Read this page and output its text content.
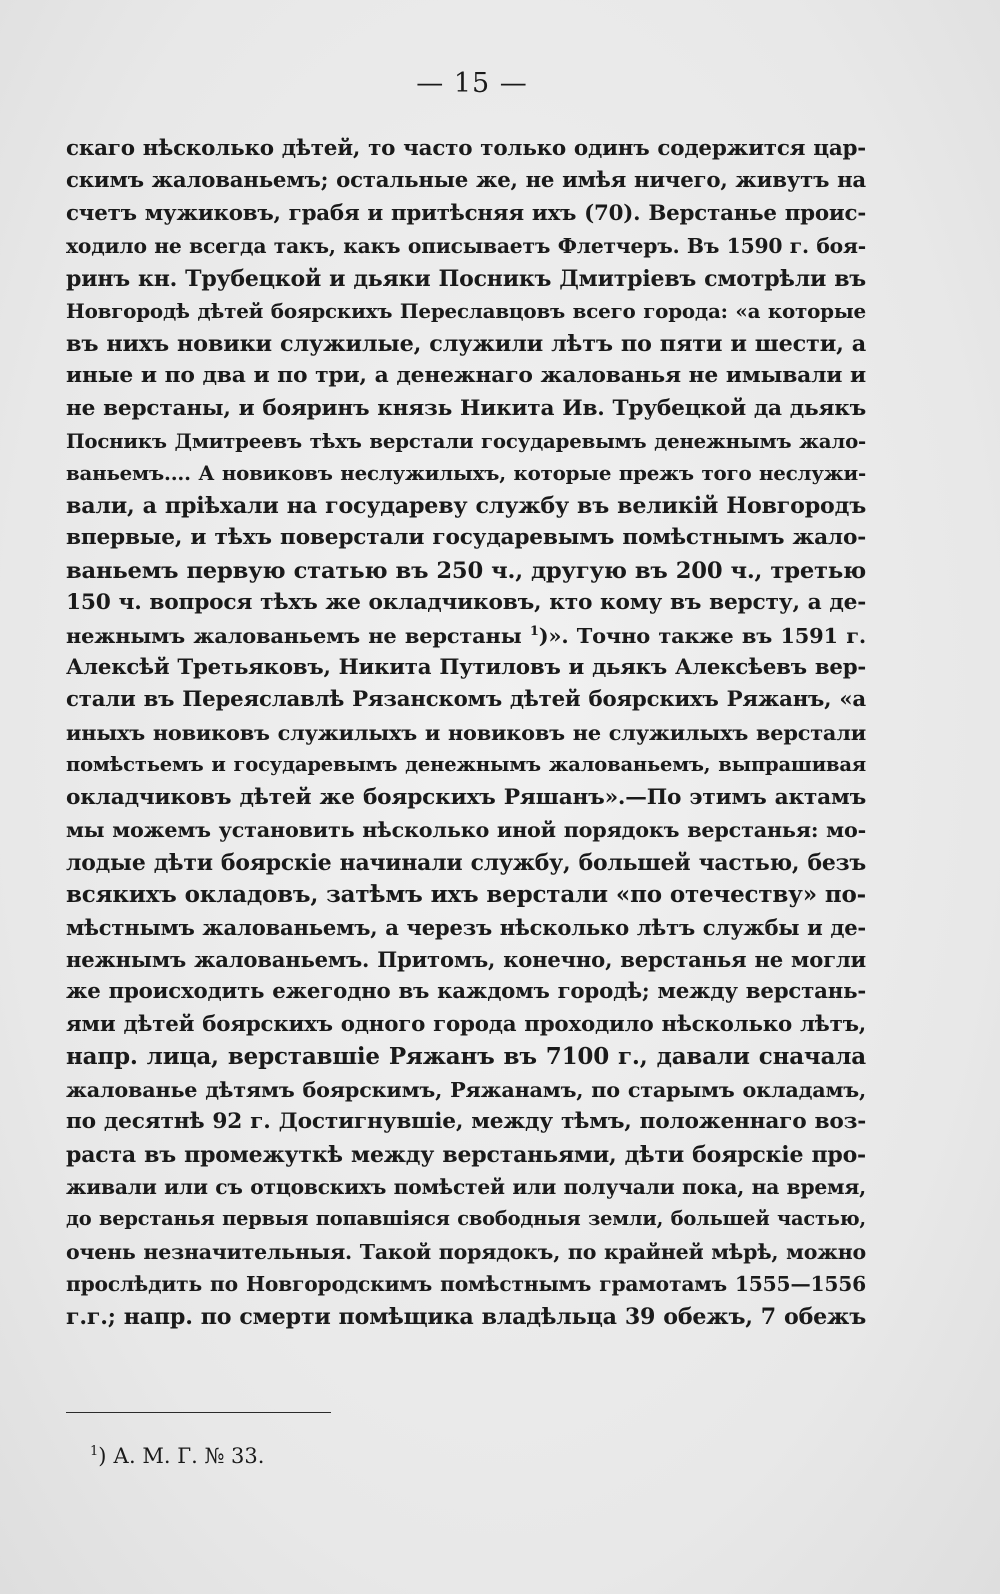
— 15 —
скаго нѣсколько дѣтей, то часто только одинъ содержится цар-
скимъ жалованьемъ; остальные же, не имѣя ничего, живутъ на
счетъ мужиковъ, грабя и притѣсняя ихъ (70). Верстанье проис-
ходило не всегда такъ, какъ описываетъ Флетчеръ. Въ 1590 г. боя-
ринъ кн. Трубецкой и дьяки Посникъ Дмитріевъ смотрѣли въ
Новгородѣ дѣтей боярскихъ Переславцовъ всего города: «а которые
въ нихъ новики служилые, служили лѣтъ по пяти и шести, а
иные и по два и по три, а денежнаго жалованья не имывали и
не верстаны, и бояринъ князь Никита Ив. Трубецкой да дьякъ
Посникъ Дмитреевъ тѣхъ верстали государевымъ денежнымъ жало-
ваньемъ.... А новиковъ неслужилыхъ, которые прежъ того неслужи-
вали, а пріѣхали на государеву службу въ великій Новгородъ
впервые, и тѣхъ поверстали государевымъ помѣстнымъ жало-
ваньемъ первую статью въ 250 ч., другую въ 200 ч., третью
150 ч. вопрося тѣхъ же окладчиковъ, кто кому въ версту, а де-
нежнымъ жалованьемъ не верстаны $^1$)». Точно также въ 1591 г.
Алексѣй Третьяковъ, Никита Путиловъ и дьякъ Алексѣевъ вер-
стали въ Переяславлѣ Рязанскомъ дѣтей боярскихъ Ряжанъ, «а
иныхъ новиковъ служилыхъ и новиковъ не служилыхъ верстали
помѣстьемъ и государевымъ денежнымъ жалованьемъ, выпрашивая
окладчиковъ дѣтей же боярскихъ Ряшанъ».—По этимъ актамъ
мы можемъ установить нѣсколько иной порядокъ верстанья: мо-
лодые дѣти боярскіе начинали службу, большей частью, безъ
всякихъ окладовъ, затѣмъ ихъ верстали «по отечеству» по-
мѣстнымъ жалованьемъ, а черезъ нѣсколько лѣтъ службы и де-
нежнымъ жалованьемъ. Притомъ, конечно, верстанья не могли
же происходить ежегодно въ каждомъ городѣ; между верстань-
ями дѣтей боярскихъ одного города проходило нѣсколько лѣтъ,
напр. лица, верставшіе Ряжанъ въ 7100 г., давали сначала
жалованье дѣтямъ боярскимъ, Ряжанамъ, по старымъ окладамъ,
по десятнѣ 92 г. Достигнувшіе, между тѣмъ, положеннаго воз-
раста въ промежуткѣ между верстаньями, дѣти боярскіе про-
живали или съ отцовскихъ помѣстей или получали пока, на время,
до верстанья первыя попавшіяся свободныя земли, большей частью,
очень незначительныя. Такой порядокъ, по крайней мѣрѣ, можно
прослѣдить по Новгородскимъ помѣстнымъ грамотамъ 1555—1556
г.г.; напр. по смерти помѣщика владѣльца 39 обежъ, 7 обежъ
$^1$) А. М. Г. № 33.
